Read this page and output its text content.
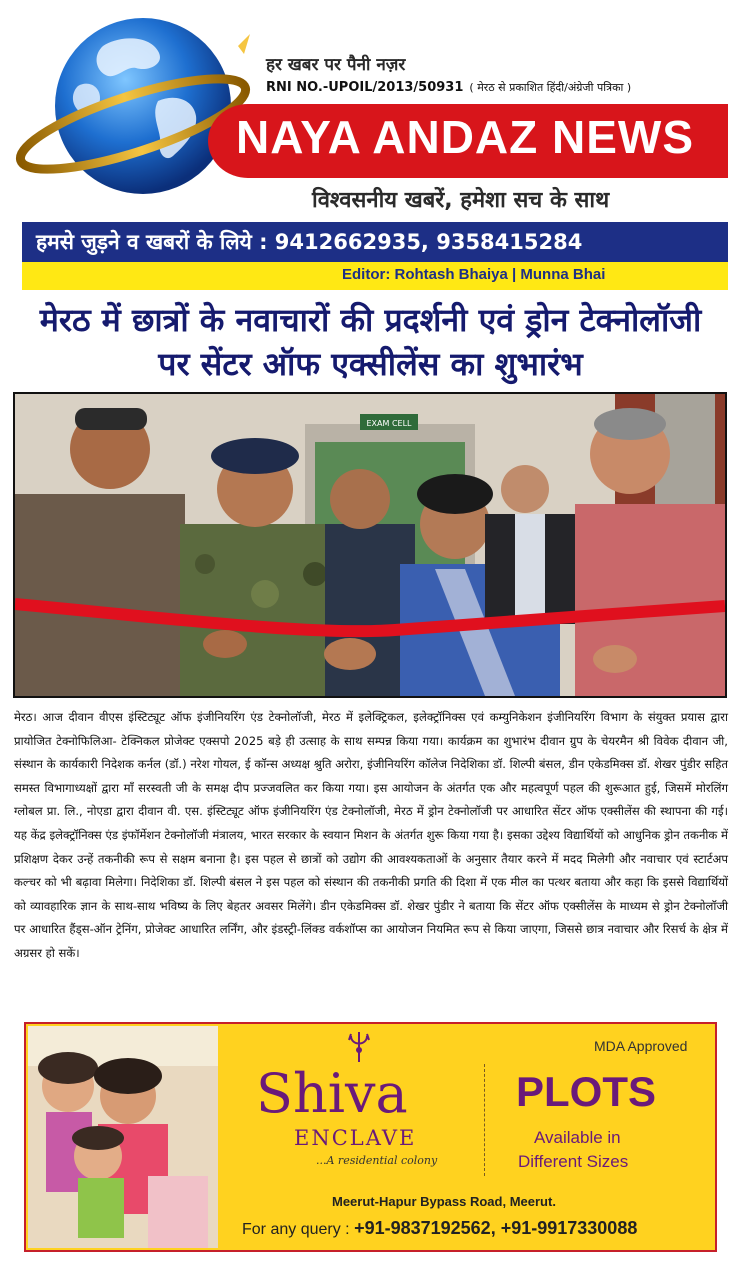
हर खबर पर पैनी नज़र
RNI NO.-UPOIL/2013/50931 ( मेरठ से प्रकाशित हिंदी/अंग्रेजी पत्रिका )
NAYA ANDAZ NEWS
विश्वसनीय खबरें, हमेशा सच के साथ
हमसे जुड़ने व खबरों के लिये : 9412662935, 9358415284
Editor: Rohtash Bhaiya | Munna Bhai
मेरठ में छात्रों के नवाचारों की प्रदर्शनी एवं ड्रोन टेक्नोलॉजी
पर सेंटर ऑफ एक्सीलेंस का शुभारंभ
EXAM CELL
मेरठ। आज दीवान वीएस इंस्टिट्यूट ऑफ इंजीनियरिंग एंड टेक्नोलॉजी, मेरठ में इलेक्ट्रिकल, इलेक्ट्रॉनिक्स एवं कम्युनिकेशन इंजीनियरिंग विभाग के संयुक्त प्रयास द्वारा प्रायोजित टेक्नोफिलिआ- टेक्निकल प्रोजेक्ट एक्सपो 2025 बड़े ही उत्साह के साथ सम्पन्न किया गया। कार्यक्रम का शुभारंभ दीवान ग्रुप के चेयरमैन श्री विवेक दीवान जी, संस्थान के कार्यकारी निदेशक कर्नल (डॉ.) नरेश गोयल, ई कॉन्स अध्यक्ष श्रुति अरोरा, इंजीनियरिंग कॉलेज निदेशिका डॉ. शिल्पी बंसल, डीन एकेडमिक्स डॉ. शेखर पुंडीर सहित समस्त विभागाध्यक्षों द्वारा माँ सरस्वती जी के समक्ष दीप प्रज्जवलित कर किया गया। इस आयोजन के अंतर्गत एक और महत्वपूर्ण पहल की शुरूआत हुई, जिसमें मोरलिंग ग्लोबल प्रा. लि., नोएडा द्वारा दीवान वी. एस. इंस्टिट्यूट ऑफ इंजीनियरिंग एंड टेक्नोलॉजी, मेरठ में ड्रोन टेक्नोलॉजी पर आधारित सेंटर ऑफ एक्सीलेंस की स्थापना की गई। यह केंद्र इलेक्ट्रॉनिक्स एंड इंफॉर्मेशन टेक्नोलॉजी मंत्रालय, भारत सरकार के स्वयान मिशन के अंतर्गत शुरू किया गया है। इसका उद्देश्य विद्यार्थियों को आधुनिक ड्रोन तकनीक में प्रशिक्षण देकर उन्हें तकनीकी रूप से सक्षम बनाना है। इस पहल से छात्रों को उद्योग की आवश्यकताओं के अनुसार तैयार करने में मदद मिलेगी और नवाचार एवं स्टार्टअप कल्चर को भी बढ़ावा मिलेगा। निदेशिका डॉ. शिल्पी बंसल ने इस पहल को संस्थान की तकनीकी प्रगति की दिशा में एक मील का पत्थर बताया और कहा कि इससे विद्यार्थियों को व्यावहारिक ज्ञान के साथ-साथ भविष्य के लिए बेहतर अवसर मिलेंगे। डीन एकेडमिक्स डॉ. शेखर पुंडीर ने बताया कि सेंटर ऑफ एक्सीलेंस के माध्यम से ड्रोन टेक्नोलॉजी पर आधारित हैंड्स-ऑन ट्रेनिंग, प्रोजेक्ट आधारित लर्निंग, और इंडस्ट्री-लिंक्ड वर्कशॉप्स का आयोजन नियमित रूप से किया जाएगा, जिससे छात्र नवाचार और रिसर्च के क्षेत्र में अग्रसर हो सकें।
Shiva
ENCLAVE
...A residential colony
MDA Approved
PLOTS
Available in
Different Sizes
Meerut-Hapur Bypass Road, Meerut.
For any query : +91-9837192562, +91-9917330088
